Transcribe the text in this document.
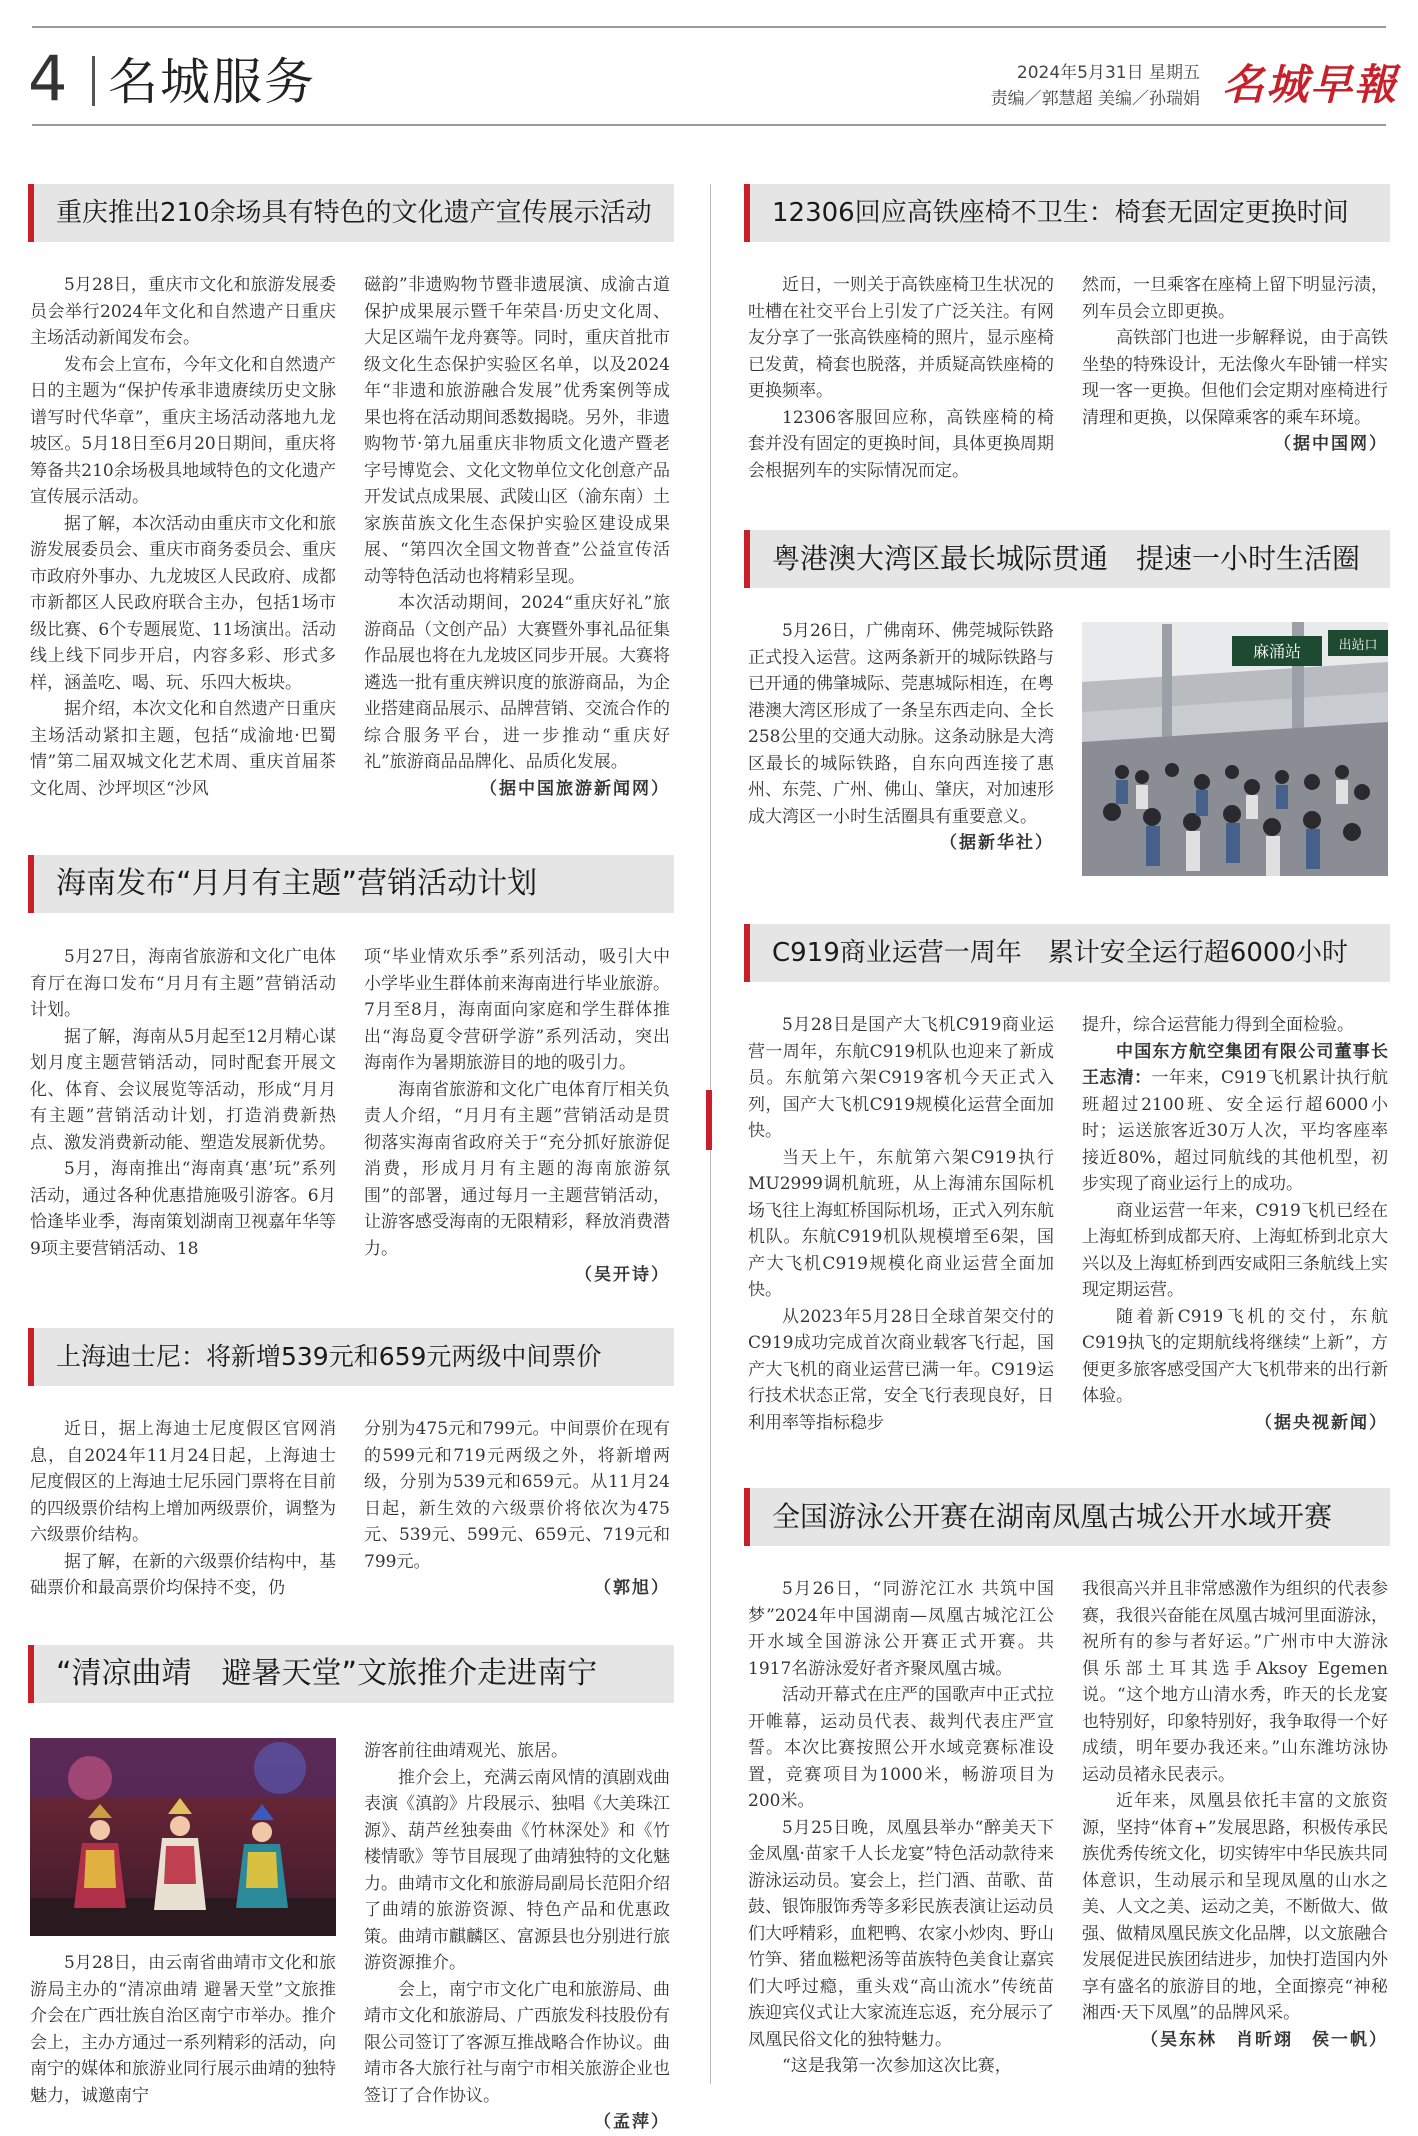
4 名城服务	2024年5月31日 星期五
责编／郭慧超 美编／孙瑞娟 名城早報
重庆推出210余场具有特色的文化遗产宣传展示活动

5月28日，重庆市文化和旅游发展委员会举行2024年文化和自然遗产日重庆主场活动新闻发布会。

发布会上宣布，今年文化和自然遗产日的主题为“保护传承非遗赓续历史文脉 谱写时代华章”，重庆主场活动落地九龙坡区。5月18日至6月20日期间，重庆将筹备共210余场极具地域特色的文化遗产宣传展示活动。

据了解，本次活动由重庆市文化和旅游发展委员会、重庆市商务委员会、重庆市政府外事办、九龙坡区人民政府、成都市新都区人民政府联合主办，包括1场市级比赛、6个专题展览、11场演出。活动线上线下同步开启，内容多彩、形式多样，涵盖吃、喝、玩、乐四大板块。

据介绍，本次文化和自然遗产日重庆主场活动紧扣主题，包括“成渝地·巴蜀情”第二届双城文化艺术周、重庆首届茶文化周、沙坪坝区“沙风

磁韵”非遗购物节暨非遗展演、成渝古道保护成果展示暨千年荣昌·历史文化周、大足区端午龙舟赛等。同时，重庆首批市级文化生态保护实验区名单，以及2024年“非遗和旅游融合发展”优秀案例等成果也将在活动期间悉数揭晓。另外，非遗购物节·第九届重庆非物质文化遗产暨老字号博览会、文化文物单位文化创意产品开发试点成果展、武陵山区（渝东南）土家族苗族文化生态保护实验区建设成果展、“第四次全国文物普查”公益宣传活动等特色活动也将精彩呈现。

本次活动期间，2024“重庆好礼”旅游商品（文创产品）大赛暨外事礼品征集作品展也将在九龙坡区同步开展。大赛将遴选一批有重庆辨识度的旅游商品，为企业搭建商品展示、品牌营销、交流合作的综合服务平台，进一步推动“重庆好礼”旅游商品品牌化、品质化发展。

（据中国旅游新闻网）
海南发布“月月有主题”营销活动计划

5月27日，海南省旅游和文化广电体育厅在海口发布“月月有主题”营销活动计划。

据了解，海南从5月起至12月精心谋划月度主题营销活动，同时配套开展文化、体育、会议展览等活动，形成“月月有主题”营销活动计划，打造消费新热点、激发消费新动能、塑造发展新优势。

5月，海南推出“海南真‘惠’玩”系列活动，通过各种优惠措施吸引游客。6月恰逢毕业季，海南策划湖南卫视嘉年华等9项主要营销活动、18

项“毕业情欢乐季”系列活动，吸引大中小学毕业生群体前来海南进行毕业旅游。7月至8月，海南面向家庭和学生群体推出“海岛夏令营研学游”系列活动，突出海南作为暑期旅游目的地的吸引力。

海南省旅游和文化广电体育厅相关负责人介绍，“月月有主题”营销活动是贯彻落实海南省政府关于“充分抓好旅游促消费，形成月月有主题的海南旅游氛围”的部署，通过每月一主题营销活动，让游客感受海南的无限精彩，释放消费潜力。

（吴开诗）
上海迪士尼：将新增539元和659元两级中间票价

近日，据上海迪士尼度假区官网消息，自2024年11月24日起，上海迪士尼度假区的上海迪士尼乐园门票将在目前的四级票价结构上增加两级票价，调整为六级票价结构。

据了解，在新的六级票价结构中，基础票价和最高票价均保持不变，仍

分别为475元和799元。中间票价在现有的599元和719元两级之外，将新增两级，分别为539元和659元。从11月24日起，新生效的六级票价将依次为475元、539元、599元、659元、719元和799元。

（郭旭）
“清凉曲靖　避暑天堂”文旅推介走进南宁

5月28日，由云南省曲靖市文化和旅游局主办的“清凉曲靖 避暑天堂”文旅推介会在广西壮族自治区南宁市举办。推介会上，主办方通过一系列精彩的活动，向南宁的媒体和旅游业同行展示曲靖的独特魅力，诚邀南宁

游客前往曲靖观光、旅居。

推介会上，充满云南风情的滇剧戏曲表演《滇韵》片段展示、独唱《大美珠江源》、葫芦丝独奏曲《竹林深处》和《竹楼情歌》等节目展现了曲靖独特的文化魅力。曲靖市文化和旅游局副局长范阳介绍了曲靖的旅游资源、特色产品和优惠政策。曲靖市麒麟区、富源县也分别进行旅游资源推介。

会上，南宁市文化广电和旅游局、曲靖市文化和旅游局、广西旅发科技股份有限公司签订了客源互推战略合作协议。曲靖市各大旅行社与南宁市相关旅游企业也签订了合作协议。

（孟萍）
12306回应高铁座椅不卫生：椅套无固定更换时间

近日，一则关于高铁座椅卫生状况的吐槽在社交平台上引发了广泛关注。有网友分享了一张高铁座椅的照片，显示座椅已发黄，椅套也脱落，并质疑高铁座椅的更换频率。

12306客服回应称，高铁座椅的椅套并没有固定的更换时间，具体更换周期会根据列车的实际情况而定。

然而，一旦乘客在座椅上留下明显污渍，列车员会立即更换。

高铁部门也进一步解释说，由于高铁坐垫的特殊设计，无法像火车卧铺一样实现一客一更换。但他们会定期对座椅进行清理和更换，以保障乘客的乘车环境。

（据中国网）
粤港澳大湾区最长城际贯通　提速一小时生活圈

5月26日，广佛南环、佛莞城际铁路正式投入运营。这两条新开的城际铁路与已开通的佛肇城际、莞惠城际相连，在粤港澳大湾区形成了一条呈东西走向、全长258公里的交通大动脉。这条动脉是大湾区最长的城际铁路，自东向西连接了惠州、东莞、广州、佛山、肇庆，对加速形成大湾区一小时生活圈具有重要意义。

（据新华社）
麻涌站	出站口
C919商业运营一周年　累计安全运行超6000小时

5月28日是国产大飞机C919商业运营一周年，东航C919机队也迎来了新成员。东航第六架C919客机今天正式入列，国产大飞机C919规模化运营全面加快。

当天上午，东航第六架C919执行MU2999调机航班，从上海浦东国际机场飞往上海虹桥国际机场，正式入列东航机队。东航C919机队规模增至6架，国产大飞机C919规模化商业运营全面加快。

从2023年5月28日全球首架交付的C919成功完成首次商业载客飞行起，国产大飞机的商业运营已满一年。C919运行技术状态正常，安全飞行表现良好，日利用率等指标稳步

提升，综合运营能力得到全面检验。

中国东方航空集团有限公司董事长　王志清：一年来，C919飞机累计执行航班超过2100班、安全运行超6000小时；运送旅客近30万人次，平均客座率接近80%，超过同航线的其他机型，初步实现了商业运行上的成功。

商业运营一年来，C919飞机已经在上海虹桥到成都天府、上海虹桥到北京大兴以及上海虹桥到西安咸阳三条航线上实现定期运营。

随着新C919飞机的交付，东航C919执飞的定期航线将继续“上新”，方便更多旅客感受国产大飞机带来的出行新体验。

（据央视新闻）
全国游泳公开赛在湖南凤凰古城公开水域开赛

5月26日，“同游沱江水 共筑中国梦”2024年中国湖南—凤凰古城沱江公开水域全国游泳公开赛正式开赛。共1917名游泳爱好者齐聚凤凰古城。

活动开幕式在庄严的国歌声中正式拉开帷幕，运动员代表、裁判代表庄严宣誓。本次比赛按照公开水域竞赛标准设置，竞赛项目为1000米，畅游项目为200米。

5月25日晚，凤凰县举办“醉美天下金凤凰·苗家千人长龙宴”特色活动款待来游泳运动员。宴会上，拦门酒、苗歌、苗鼓、银饰服饰秀等多彩民族表演让运动员们大呼精彩，血粑鸭、农家小炒肉、野山竹笋、猪血糍粑汤等苗族特色美食让嘉宾们大呼过瘾，重头戏“高山流水”传统苗族迎宾仪式让大家流连忘返，充分展示了凤凰民俗文化的独特魅力。

“这是我第一次参加这次比赛，

我很高兴并且非常感激作为组织的代表参赛，我很兴奋能在凤凰古城河里面游泳，祝所有的参与者好运。”广州市中大游泳俱乐部土耳其选手Aksoy Egemen说。“这个地方山清水秀，昨天的长龙宴也特别好，印象特别好，我争取得一个好成绩，明年要办我还来。”山东潍坊泳协运动员褚永民表示。

近年来，凤凰县依托丰富的文旅资源，坚持“体育+”发展思路，积极传承民族优秀传统文化，切实铸牢中华民族共同体意识，生动展示和呈现凤凰的山水之美、人文之美、运动之美，不断做大、做强、做精凤凰民族文化品牌，以文旅融合发展促进民族团结进步，加快打造国内外享有盛名的旅游目的地，全面擦亮“神秘湘西·天下凤凰”的品牌风采。

（吴东林　肖昕翊　侯一帆）
